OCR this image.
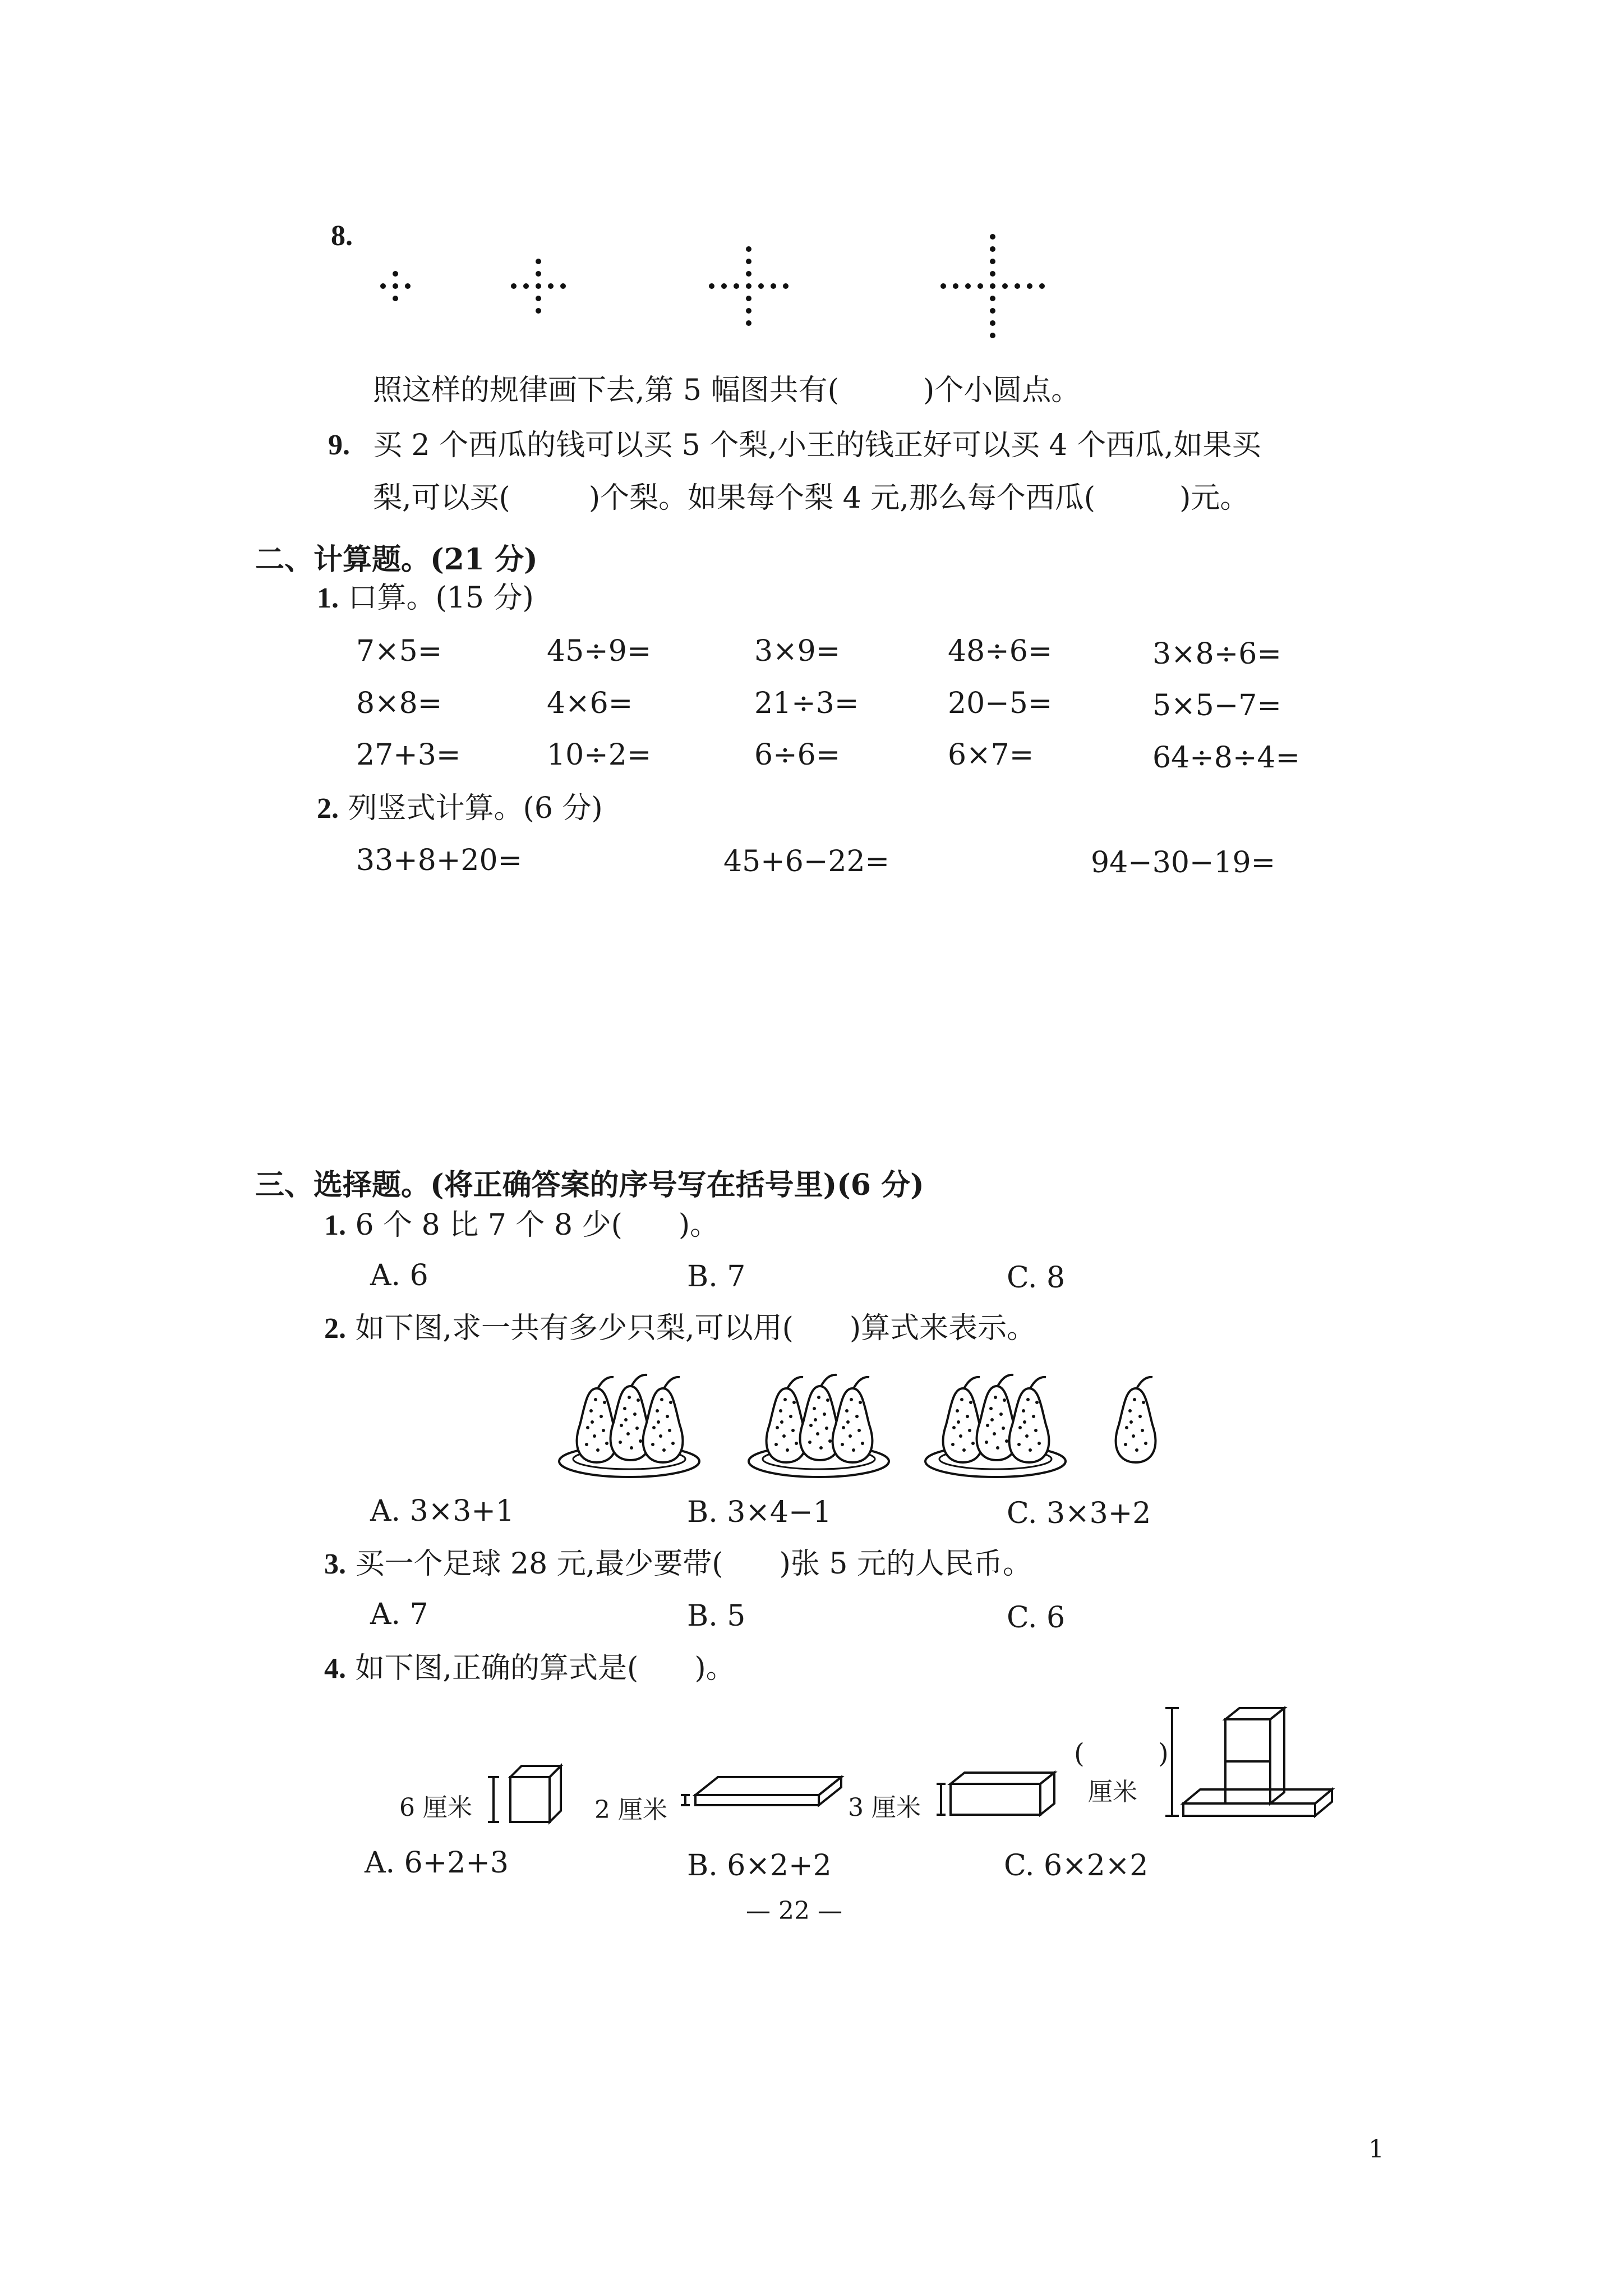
8.
照这样的规律画下去,第 5 幅图共有(	)个小圆点。
9. 买 2 个西瓜的钱可以买 5 个梨,小王的钱正好可以买 4 个西瓜,如果买
梨,可以买(	)个梨。如果每个梨 4 元,那么每个西瓜(	)元。
二、计算题。(21 分)
1. 口算。(15 分)
7×5=	45÷9=	3×9=	48÷6=	3×8÷6=
8×8=	4×6=	21÷3=	20−5=	5×5−7=
27+3=	10÷2=	6÷6=	6×7=	64÷8÷4=
2. 列竖式计算。(6 分)
33+8+20=	45+6−22=	94−30−19=
三、选择题。(将正确答案的序号写在括号里)(6 分)
1. 6 个 8 比 7 个 8 少( )。
A. 6	B. 7	C. 8
2. 如下图,求一共有多少只梨,可以用( )算式来表示。
A. 3×3+1	B. 3×4−1	C. 3×3+2
3. 买一个足球 28 元,最少要带( )张 5 元的人民币。
A. 7	B. 5	C. 6
4. 如下图,正确的算式是( )。
6 厘米	2 厘米	3 厘米
(	)
厘米
A. 6+2+3	B. 6×2+2	C. 6×2×2
— 22 —
1
